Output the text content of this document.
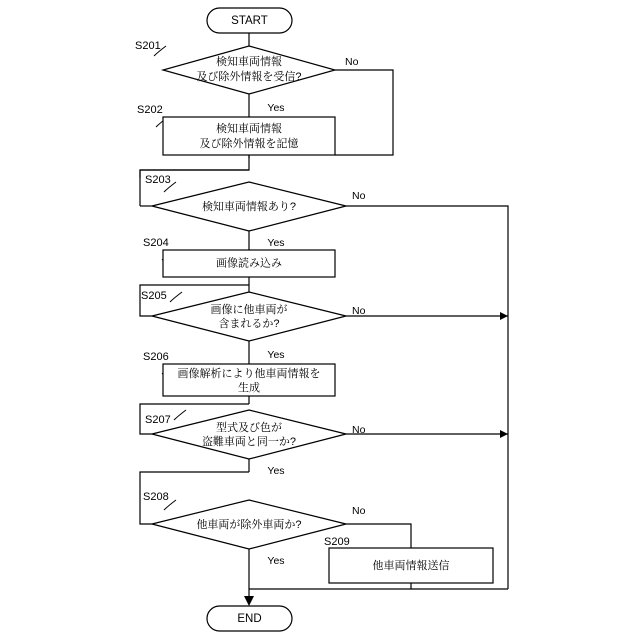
START
検知車両情報
及び除外情報を受信?
S201
No
Yes
検知車両情報
及び除外情報を記憶
S202
検知車両情報あり?
S203
No
Yes
画像読み込み
S204
画像に他車両が
含まれるか?
S205
No
Yes
画像解析により他車両情報を
生成
S206
型式及び色が
盗難車両と同一か?
S207
No
Yes
他車両が除外車両か?
S208
No
Yes	他車両情報送信
S209
END
